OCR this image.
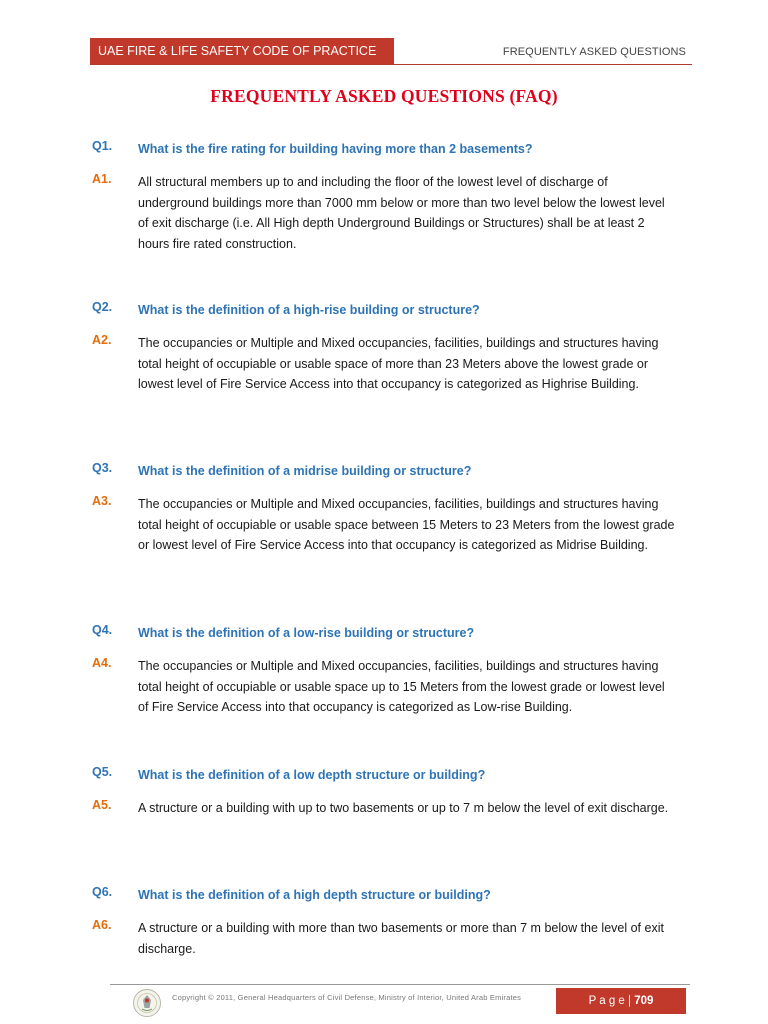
UAE FIRE & LIFE SAFETY CODE OF PRACTICE	FREQUENTLY ASKED QUESTIONS
FREQUENTLY ASKED QUESTIONS (FAQ)
Q1. What is the fire rating for building having more than 2 basements?
A1. All structural members up to and including the floor of the lowest level of discharge of underground buildings more than 7000 mm below or more than two level below the lowest level of exit discharge (i.e. All High depth Underground Buildings or Structures) shall be at least 2 hours fire rated construction.
Q2. What is the definition of a high-rise building or structure?
A2. The occupancies or Multiple and Mixed occupancies, facilities, buildings and structures having total height of occupiable or usable space of more than 23 Meters above the lowest grade or lowest level of Fire Service Access into that occupancy is categorized as Highrise Building.
Q3. What is the definition of a midrise building or structure?
A3. The occupancies or Multiple and Mixed occupancies, facilities, buildings and structures having total height of occupiable or usable space between 15 Meters to 23 Meters from the lowest grade or lowest level of Fire Service Access into that occupancy is categorized as Midrise Building.
Q4. What is the definition of a low-rise building or structure?
A4. The occupancies or Multiple and Mixed occupancies, facilities, buildings and structures having total height of occupiable or usable space up to 15 Meters from the lowest grade or lowest level of Fire Service Access into that occupancy is categorized as Low-rise Building.
Q5. What is the definition of a low depth structure or building?
A5. A structure or a building with up to two basements or up to 7 m below the level of exit discharge.
Q6. What is the definition of a high depth structure or building?
A6. A structure or a building with more than two basements or more than 7 m below the level of exit discharge.
Copyright © 2011, General Headquarters of Civil Defense, Ministry of Interior, United Arab Emirates	P a g e | 709
